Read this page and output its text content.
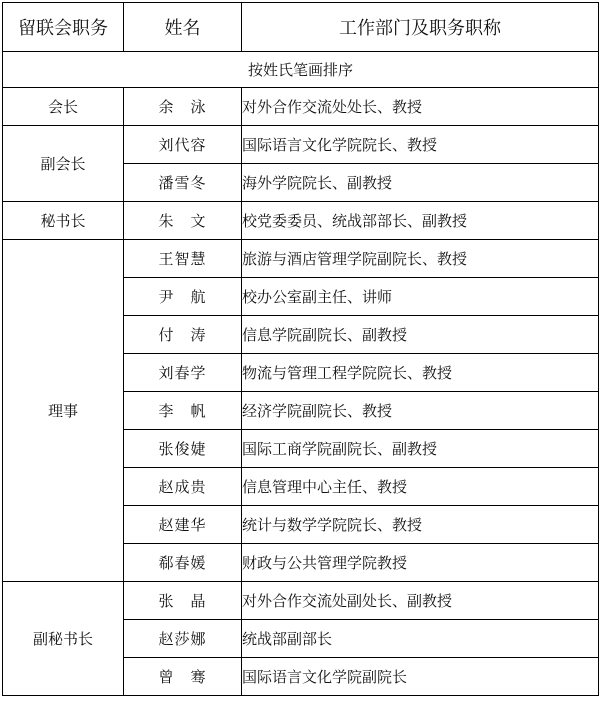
留联会职务	姓名	工作部门及职务职称
按姓氏笔画排序		
会长	余　泳	对外合作交流处处长、教授
副会长	刘代容	国际语言文化学院院长、教授
	潘雪冬	海外学院院长、副教授
秘书长	朱　文	校党委委员、统战部部长、副教授
理事	王智慧	旅游与酒店管理学院副院长、教授
	尹　航	校办公室副主任、讲师
	付　涛	信息学院副院长、副教授
	刘春学	物流与管理工程学院院长、教授
	李　帆	经济学院副院长、教授
	张俊婕	国际工商学院副院长、副教授
	赵成贵	信息管理中心主任、教授
	赵建华	统计与数学学院院长、教授
	郗春媛	财政与公共管理学院教授
副秘书长	张　晶	对外合作交流处副处长、副教授
	赵莎娜	统战部副部长
	曾　骞	国际语言文化学院副院长
